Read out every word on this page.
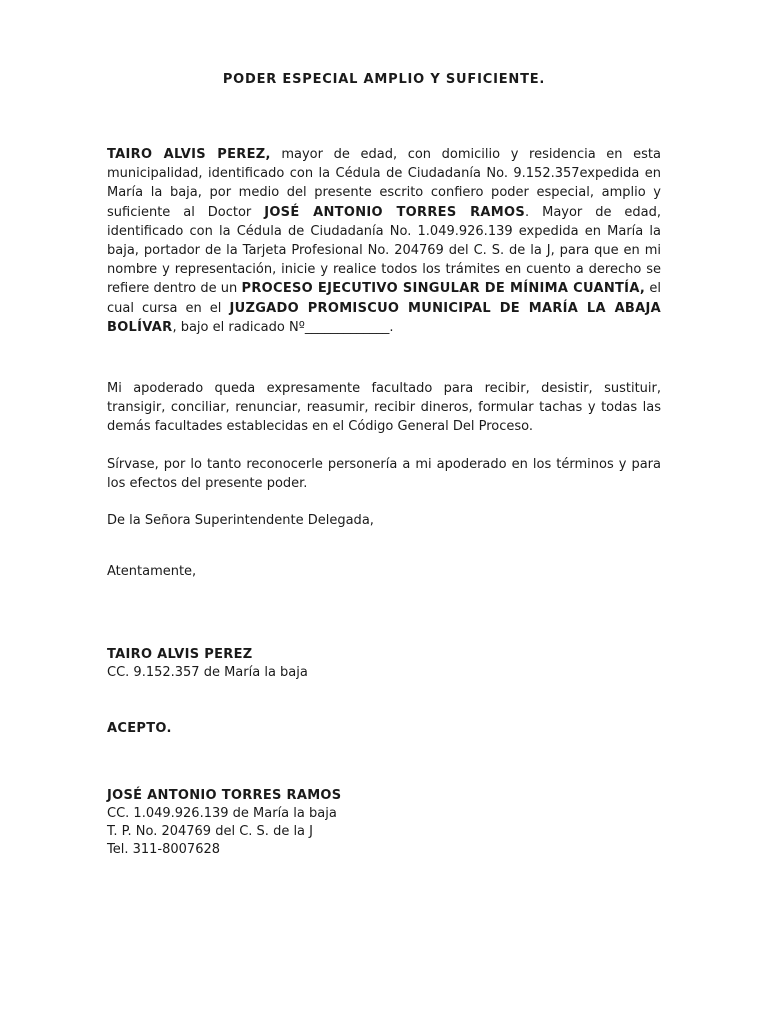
PODER ESPECIAL AMPLIO Y SUFICIENTE.
TAIRO ALVIS PEREZ, mayor de edad, con domicilio y residencia en esta municipalidad, identificado con la Cédula de Ciudadanía No. 9.152.357expedida en María la baja, por medio del presente escrito confiero poder especial, amplio y suficiente al Doctor JOSÉ ANTONIO TORRES RAMOS. Mayor de edad, identificado con la Cédula de Ciudadanía No. 1.049.926.139 expedida en María la baja, portador de la Tarjeta Profesional No. 204769 del C. S. de la J, para que en mi nombre y representación, inicie y realice todos los trámites en cuento a derecho se refiere dentro de un PROCESO EJECUTIVO SINGULAR DE MÍNIMA CUANTÍA, el cual cursa en el JUZGADO PROMISCUO MUNICIPAL DE MARÍA LA ABAJA BOLÍVAR, bajo el radicado Nº_____________.
Mi apoderado queda expresamente facultado para recibir, desistir, sustituir, transigir, conciliar, renunciar, reasumir, recibir dineros, formular tachas y todas las demás facultades establecidas en el Código General Del Proceso.
Sírvase, por lo tanto reconocerle personería a mi apoderado en los términos y para los efectos del presente poder.
De la Señora Superintendente Delegada,
Atentamente,
TAIRO ALVIS PEREZ
CC. 9.152.357 de María la baja
ACEPTO.
JOSÉ ANTONIO TORRES RAMOS
CC. 1.049.926.139 de María la baja
T. P. No. 204769 del C. S. de la J
Tel. 311-8007628
